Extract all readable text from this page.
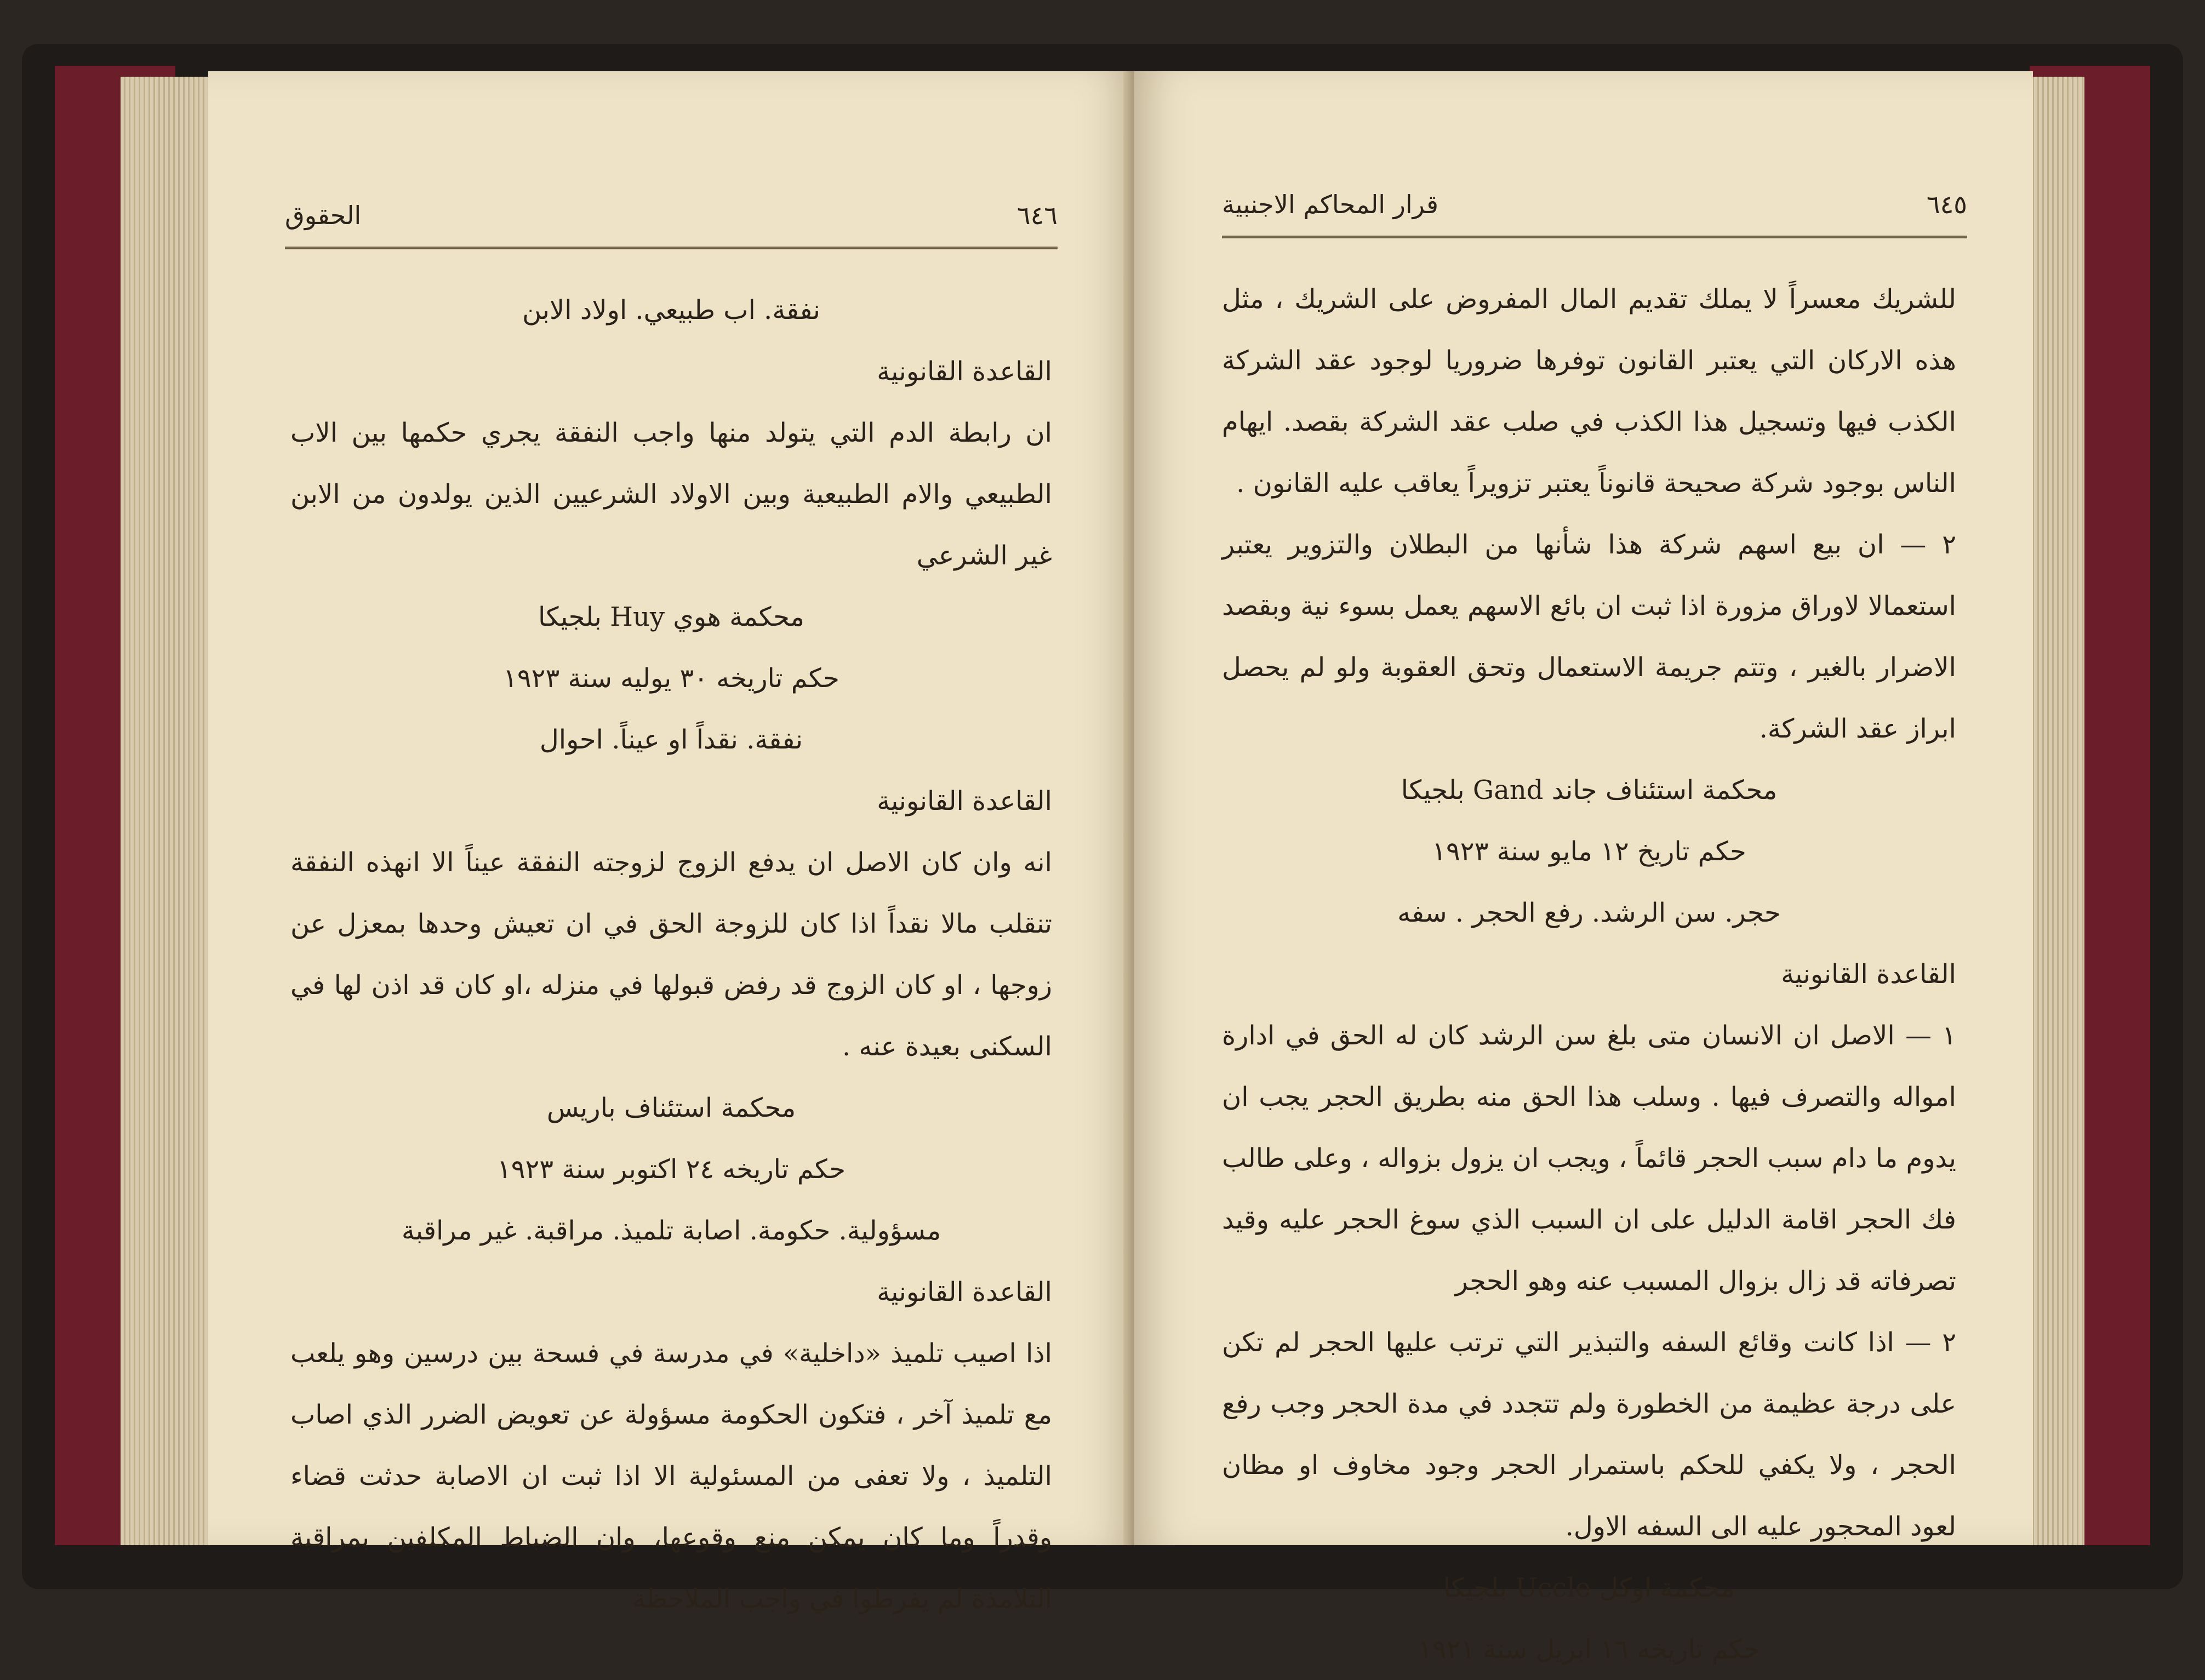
٦٤٦
الحقوق
نفقة. اب طبيعي. اولاد الابن
القاعدة القانونية

ان رابطة الدم التي يتولد منها واجب النفقة يجري حكمها بين الاب الطبيعي والام الطبيعية وبين الاولاد الشرعيين الذين يولدون من الابن غير الشرعي

محكمة هوي Huy بلجيكا
حكم تاريخه ٣٠ يوليه سنة ١٩٢٣
نفقة. نقداً او عيناً. احوال
القاعدة القانونية

انه وان كان الاصل ان يدفع الزوج لزوجته النفقة عيناً الا انهذه النفقة تنقلب مالا نقداً اذا كان للزوجة الحق في ان تعيش وحدها بمعزل عن زوجها ، او كان الزوج قد رفض قبولها في منزله ،او كان قد اذن لها في السكنى بعيدة عنه .

محكمة استئناف باريس
حكم تاريخه ٢٤ اكتوبر سنة ١٩٢٣
مسؤولية. حكومة. اصابة تلميذ. مراقبة. غير مراقبة
القاعدة القانونية

اذا اصيب تلميذ «داخلية» في مدرسة في فسحة بين درسين وهو يلعب مع تلميذ آخر ، فتكون الحكومة مسؤولة عن تعويض الضرر الذي اصاب التلميذ ، ولا تعفى من المسئولية الا اذا ثبت ان الاصابة حدثت قضاء وقدراً وما كان يمكن منع وقوعها، وان الضباط المكلفين بمراقبة التلامذة لم يفرطوا في واجب الملاحظة

٦٤٥
قرار المحاكم الاجنبية

للشريك معسراً لا يملك تقديم المال المفروض على الشريك ، مثل هذه الاركان التي يعتبر القانون توفرها ضروريا لوجود عقد الشركة الكذب فيها وتسجيل هذا الكذب في صلب عقد الشركة بقصد. ايهام الناس بوجود شركة صحيحة قانوناً يعتبر تزويراً يعاقب عليه القانون .

٢ — ان بيع اسهم شركة هذا شأنها من البطلان والتزوير يعتبر استعمالا لاوراق مزورة اذا ثبت ان بائع الاسهم يعمل بسوء نية وبقصد الاضرار بالغير ، وتتم جريمة الاستعمال وتحق العقوبة ولو لم يحصل ابراز عقد الشركة.

محكمة استئناف جاند Gand بلجيكا
حكم تاريخ ١٢ مايو سنة ١٩٢٣
حجر. سن الرشد. رفع الحجر . سفه
القاعدة القانونية

١ — الاصل ان الانسان متى بلغ سن الرشد كان له الحق في ادارة امواله والتصرف فيها . وسلب هذا الحق منه بطريق الحجر يجب ان يدوم ما دام سبب الحجر قائماً ، ويجب ان يزول بزواله ، وعلى طالب فك الحجر اقامة الدليل على ان السبب الذي سوغ الحجر عليه وقيد تصرفاته قد زال بزوال المسبب عنه وهو الحجر

٢ — اذا كانت وقائع السفه والتبذير التي ترتب عليها الحجر لم تكن على درجة عظيمة من الخطورة ولم تتجدد في مدة الحجر وجب رفع الحجر ، ولا يكفي للحكم باستمرار الحجر وجود مخاوف او مظان لعود المحجور عليه الى السفه الاول.

محكمة اوكل Uccle بلجيكا
حكم تاريخه ١٦ ابريل سنة ١٩٢١
